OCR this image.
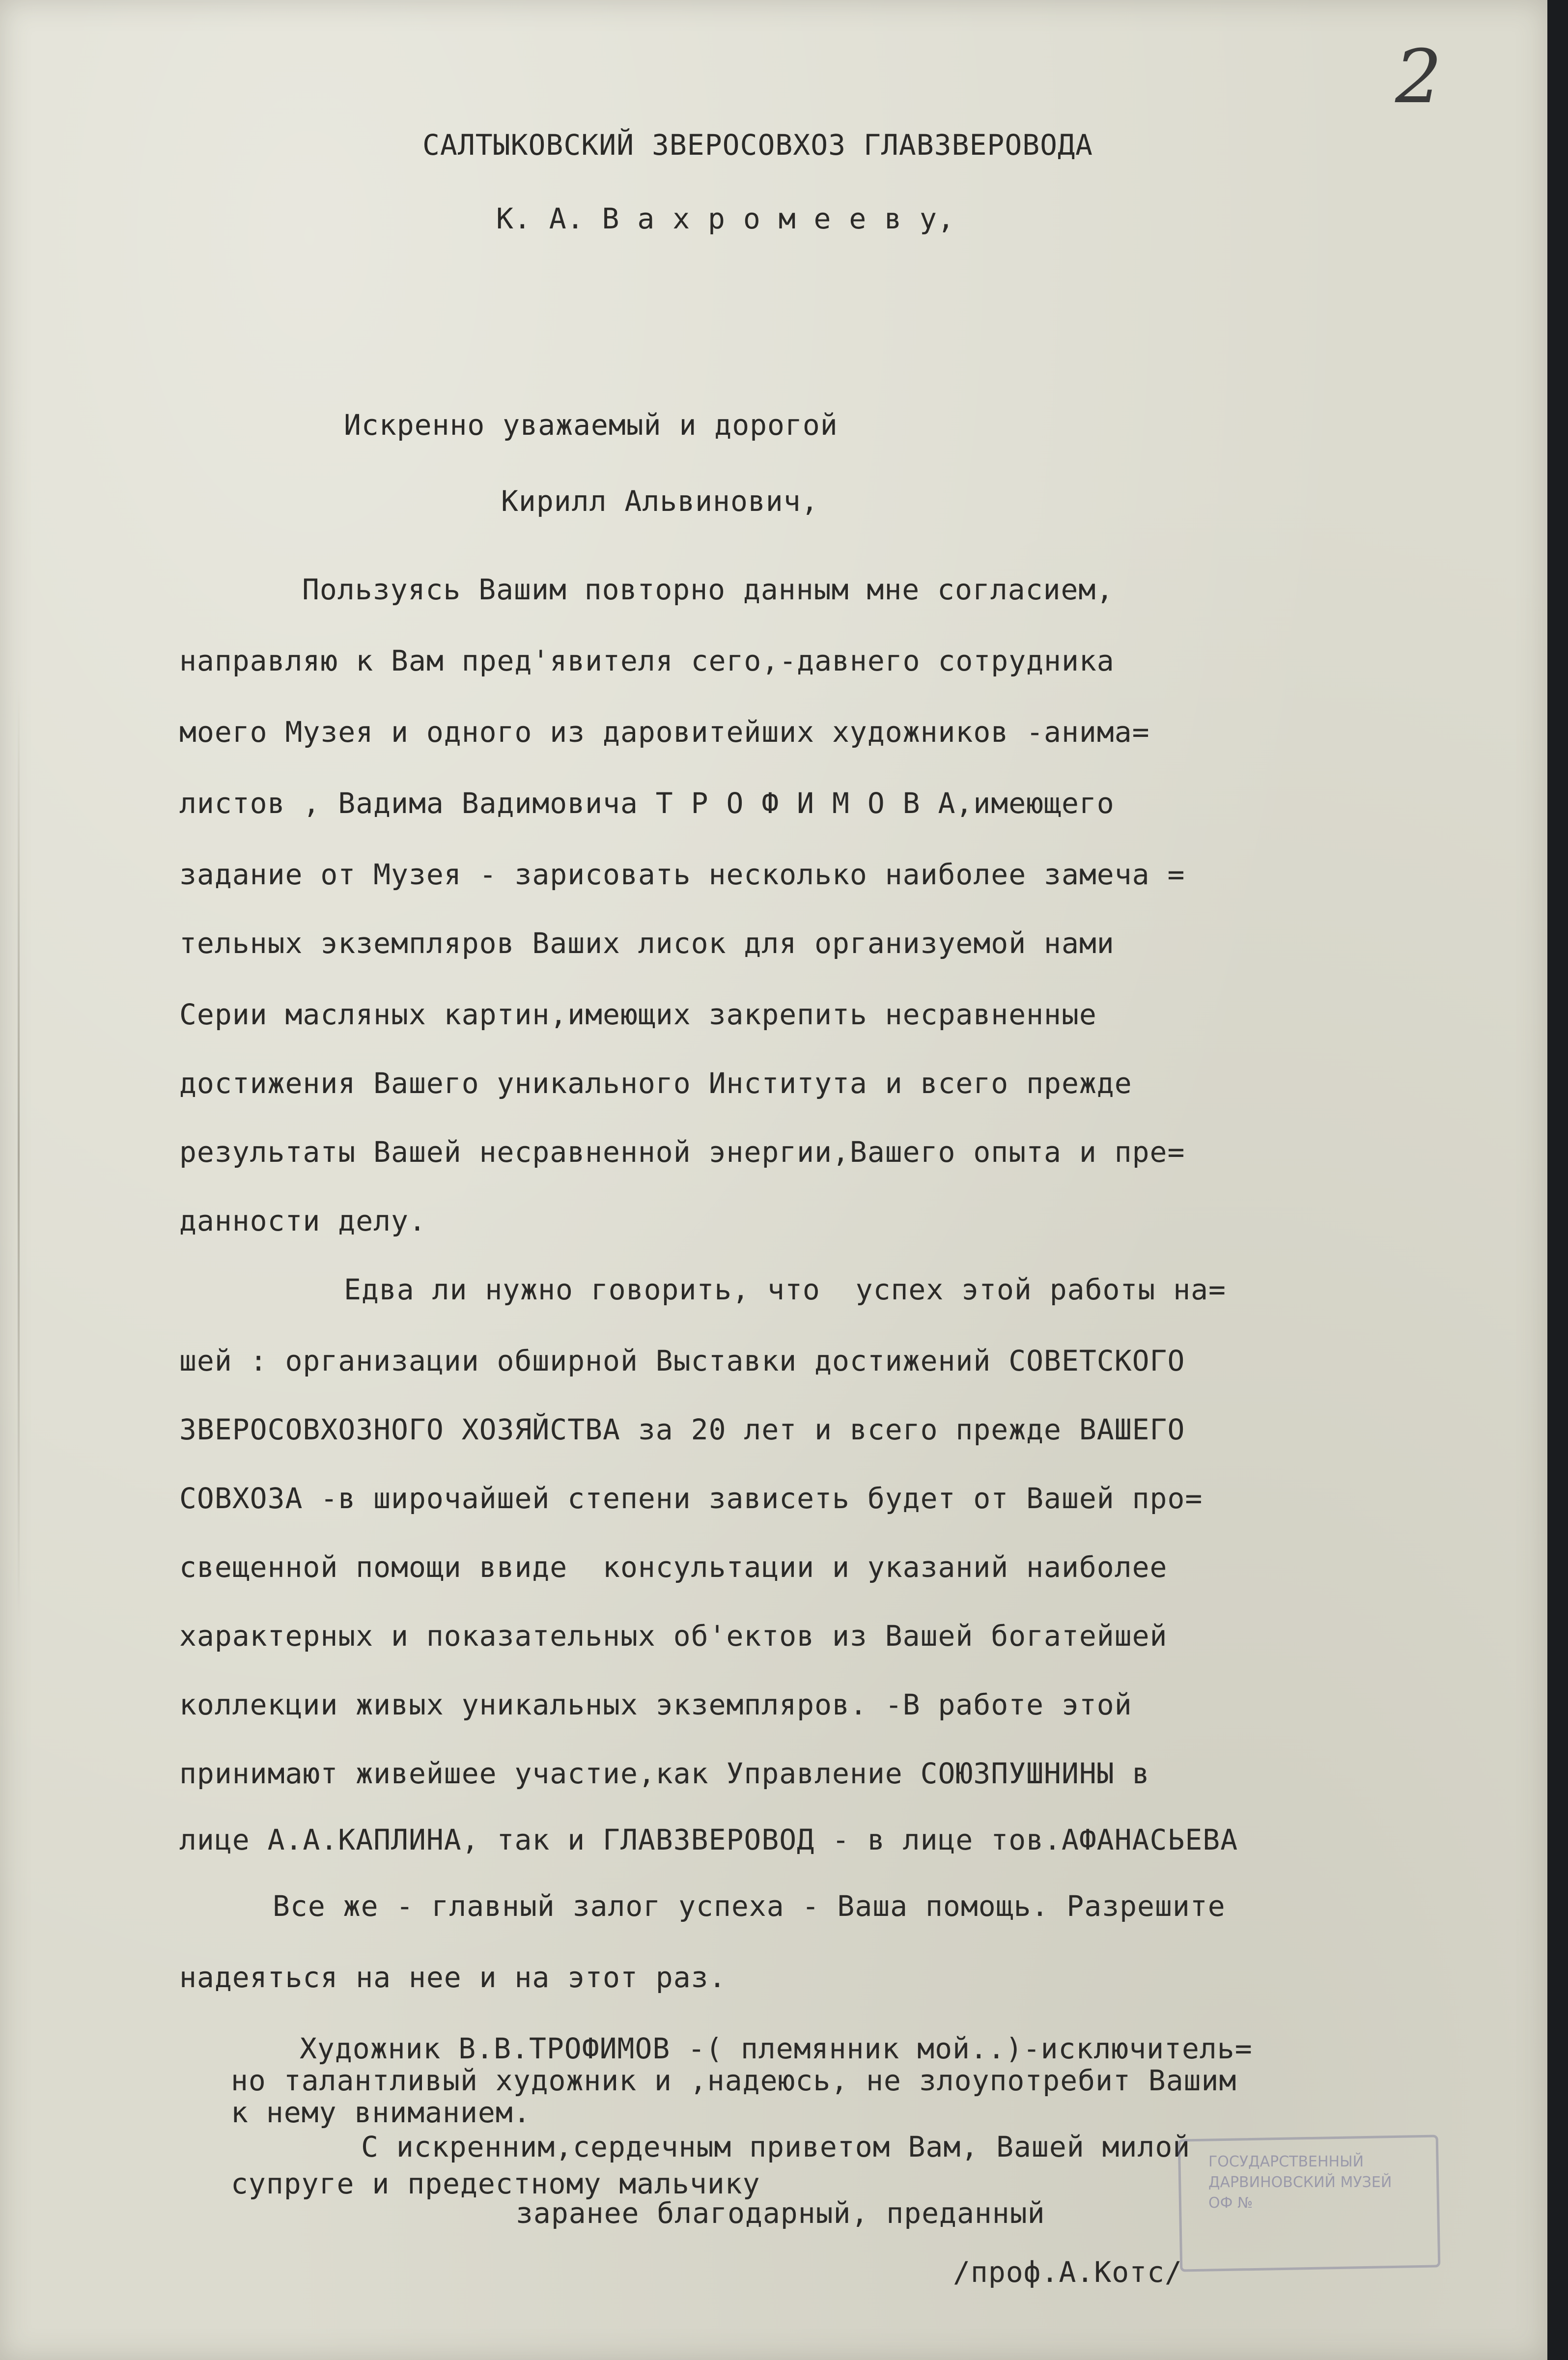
2
САЛТЫКОВСКИЙ ЗВЕРОСОВХОЗ ГЛАВЗВЕРОВОДА
К. А. В а х р о м е е в у,
Искренно уважаемый и дорогой
Кирилл Альвинович,
Пользуясь Вашим повторно данным мне согласием,
направляю к Вам пред'явителя сего,-давнего сотрудника
моего Музея и одного из даровитейших художников -анима=
листов , Вадима Вадимовича Т Р О Ф И М О В А,имеющего
задание от Музея - зарисовать несколько наиболее замеча =
тельных экземпляров Ваших лисок для организуемой нами
Серии масляных картин,имеющих закрепить несравненные
достижения Вашего уникального Института и всего прежде
результаты Вашей несравненной энергии,Вашего опыта и пре=
данности делу.
Едва ли нужно говорить, что  успех этой работы на=
шей : организации обширной Выставки достижений СОВЕТСКОГО
ЗВЕРОСОВХОЗНОГО ХОЗЯЙСТВА за 20 лет и всего прежде ВАШЕГО
СОВХОЗА -в широчайшей степени зависеть будет от Вашей про=
свещенной помощи ввиде  консультации и указаний наиболее
характерных и показательных об'ектов из Вашей богатейшей
коллекции живых уникальных экземпляров. -В работе этой
принимают живейшее участие,как Управление СОЮЗПУШНИНЫ в
лице А.А.КАПЛИНА, так и ГЛАВЗВЕРОВОД - в лице тов.АФАНАСЬЕВА
Все же - главный залог успеха - Ваша помощь. Разрешите
надеяться на нее и на этот раз.
Художник В.В.ТРОФИМОВ -( племянник мой..)-исключитель=
но талантливый художник и ,надеюсь, не злоупотребит Вашим
к нему вниманием.
С искренним,сердечным приветом Вам, Вашей милой
супруге и предестному мальчику
заранее благодарный, преданный
/проф.А.Котс/
ГОСУДАРСТВЕННЫЙ
ДАРВИНОВСКИЙ МУЗЕЙ
ОФ №
